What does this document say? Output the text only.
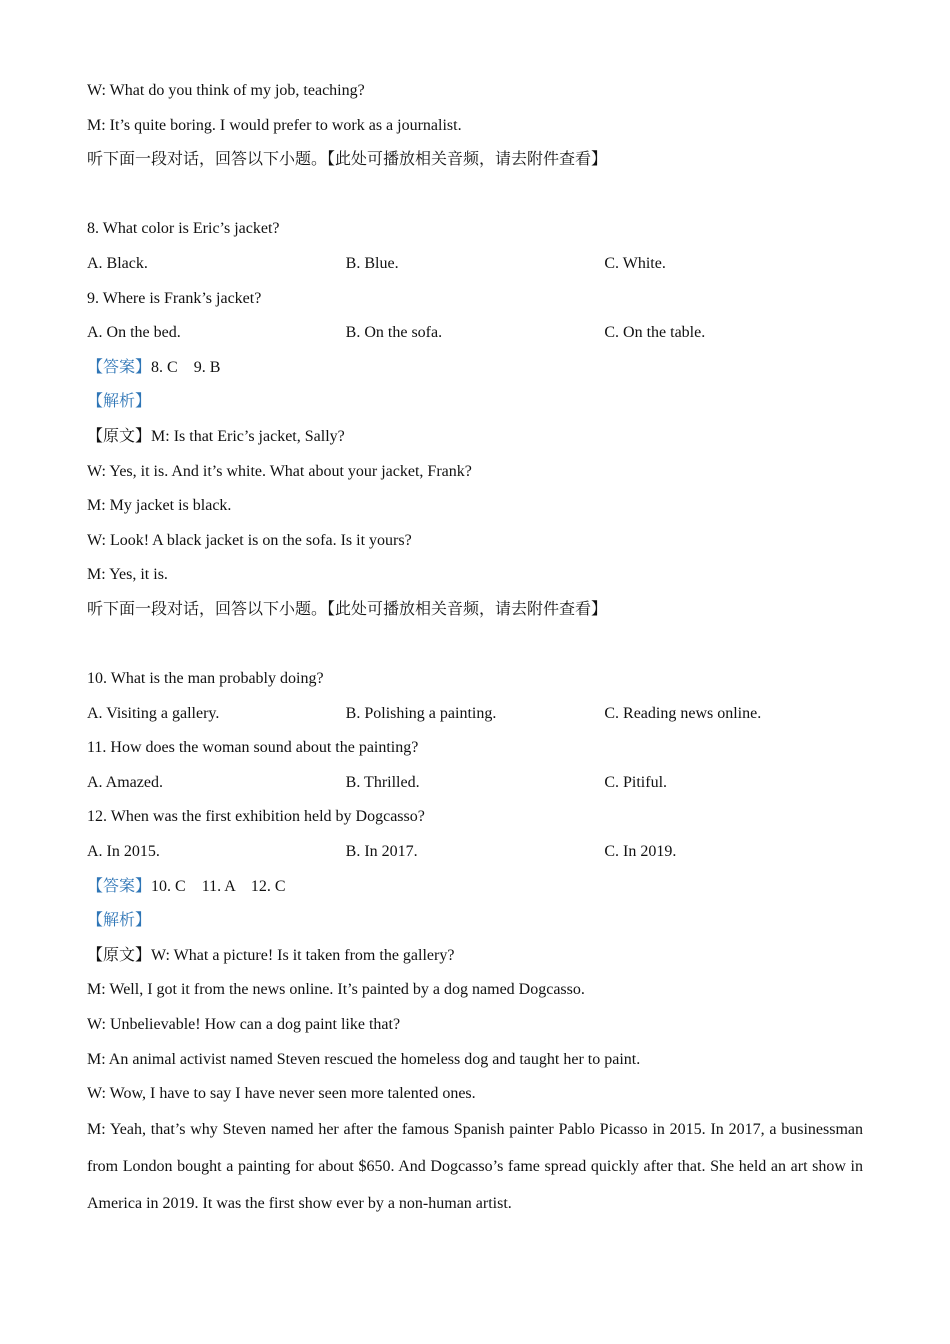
W: What do you think of my job, teaching?
M: It’s quite boring. I would prefer to work as a journalist.
听下面一段对话，回答以下小题。【此处可播放相关音频，请去附件查看】
8. What color is Eric’s jacket?
A. Black.	B. Blue.	C. White.
9. Where is Frank’s jacket?
A. On the bed.	B. On the sofa.	C. On the table.
【答案】8. C    9. B
【解析】
【原文】M: Is that Eric’s jacket, Sally?
W: Yes, it is. And it’s white. What about your jacket, Frank?
M: My jacket is black.
W: Look! A black jacket is on the sofa. Is it yours?
M: Yes, it is.
听下面一段对话，回答以下小题。【此处可播放相关音频，请去附件查看】
10. What is the man probably doing?
A. Visiting a gallery.	B. Polishing a painting.	C. Reading news online.
11. How does the woman sound about the painting?
A. Amazed.	B. Thrilled.	C. Pitiful.
12. When was the first exhibition held by Dogcasso?
A. In 2015.	B. In 2017.	C. In 2019.
【答案】10. C    11. A    12. C
【解析】
【原文】W: What a picture! Is it taken from the gallery?
M: Well, I got it from the news online. It’s painted by a dog named Dogcasso.
W: Unbelievable! How can a dog paint like that?
M: An animal activist named Steven rescued the homeless dog and taught her to paint.
W: Wow, I have to say I have never seen more talented ones.
M: Yeah, that’s why Steven named her after the famous Spanish painter Pablo Picasso in 2015. In 2017, a businessman from London bought a painting for about $650. And Dogcasso’s fame spread quickly after that. She held an art show in America in 2019. It was the first show ever by a non-human artist.
